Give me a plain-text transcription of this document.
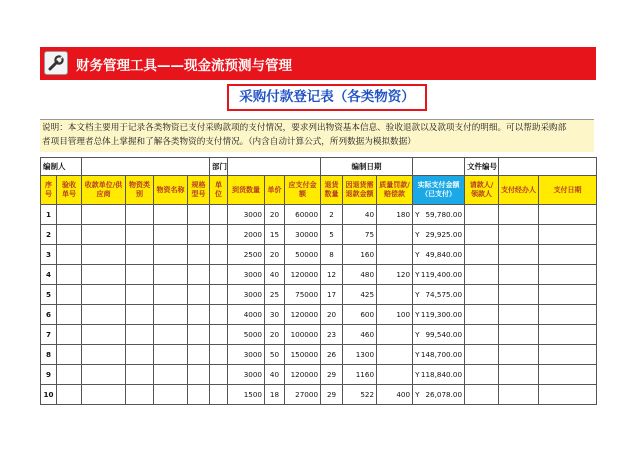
财务管理工具——现金流预测与管理
采购付款登记表（各类物资）
说明：本文档主要用于记录各类物资已支付采购款项的支付情况，要求列出物资基本信息、验收退款以及款项支付的明细。可以帮助采购部
者项目管理者总体上掌握和了解各类物资的支付情况。（内含自动计算公式，所列数据为模拟数据）
编制人						部门				编制日期				文件编号		
序号	验收单号	收款单位/供应商	物资类别	物资名称	规格型号	单位	到货数量	单价	应支付金额	退货数量	因退货需退款金额	质量罚款/赔偿款	实际支付金额（已支付）	请款人/领款人	支付经办人	支付日期
1							3000	20	60000	2	40	180	Y 59,780.00			
2							2000	15	30000	5	75		Y 29,925.00			
3							2500	20	50000	8	160		Y 49,840.00			
4							3000	40	120000	12	480	120	Y 119,400.00			
5							3000	25	75000	17	425		Y 74,575.00			
6							4000	30	120000	20	600	100	Y 119,300.00			
7							5000	20	100000	23	460		Y 99,540.00			
8							3000	50	150000	26	1300		Y 148,700.00			
9							3000	40	120000	29	1160		Y 118,840.00			
10							1500	18	27000	29	522	400	Y 26,078.00			
